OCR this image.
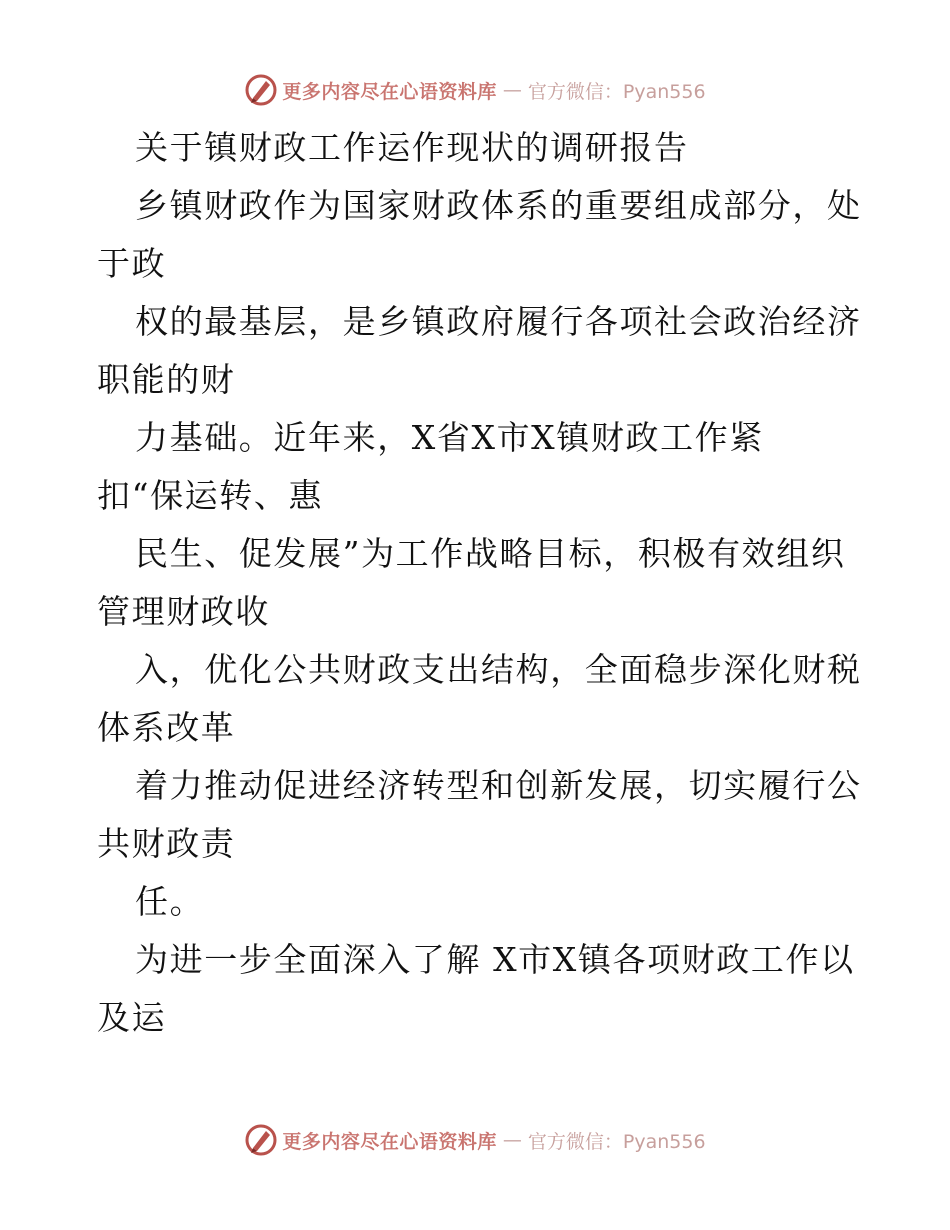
更多内容尽在心语资料库 — 官方微信：Pyan556
关于镇财政工作运作现状的调研报告
乡镇财政作为国家财政体系的重要组成部分，处
于政
权的最基层，是乡镇政府履行各项社会政治经济
职能的财
力基础。近年来，X省X市X镇财政工作紧
扣“保运转、惠
民生、促发展”为工作战略目标，积极有效组织
管理财政收
入，优化公共财政支出结构，全面稳步深化财税
体系改革
着力推动促进经济转型和创新发展，切实履行公
共财政责
任。
为进一步全面深入了解 X市X镇各项财政工作以
及运
更多内容尽在心语资料库 — 官方微信：Pyan556
